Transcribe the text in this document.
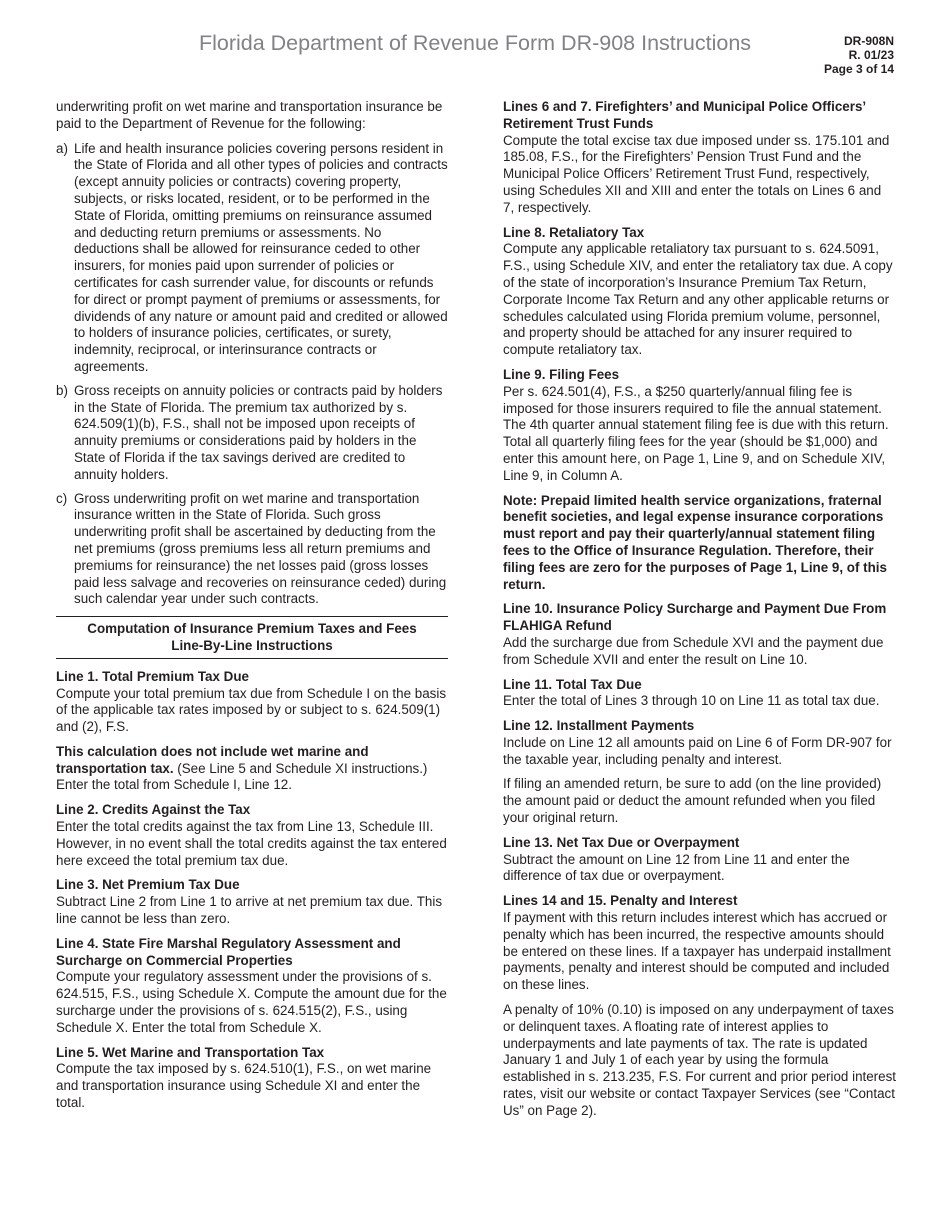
Florida Department of Revenue Form DR-908 Instructions	DR-908N
R. 01/23
Page 3 of 14

underwriting profit on wet marine and transportation insurance be paid to the Department of Revenue for the following:

a) Life and health insurance policies covering persons resident in the State of Florida and all other types of policies and contracts (except annuity policies or contracts) covering property, subjects, or risks located, resident, or to be performed in the State of Florida, omitting premiums on reinsurance assumed and deducting return premiums or assessments. No deductions shall be allowed for reinsurance ceded to other insurers, for monies paid upon surrender of policies or certificates for cash surrender value, for discounts or refunds for direct or prompt payment of premiums or assessments, for dividends of any nature or amount paid and credited or allowed to holders of insurance policies, certificates, or surety, indemnity, reciprocal, or interinsurance contracts or agreements.
b) Gross receipts on annuity policies or contracts paid by holders in the State of Florida. The premium tax authorized by s. 624.509(1)(b), F.S., shall not be imposed upon receipts of annuity premiums or considerations paid by holders in the State of Florida if the tax savings derived are credited to annuity holders.
c) Gross underwriting profit on wet marine and transportation insurance written in the State of Florida. Such gross underwriting profit shall be ascertained by deducting from the net premiums (gross premiums less all return premiums and premiums for reinsurance) the net losses paid (gross losses paid less salvage and recoveries on reinsurance ceded) during such calendar year under such contracts.
Computation of Insurance Premium Taxes and Fees
Line-By-Line Instructions

Line 1. Total Premium Tax Due
Compute your total premium tax due from Schedule I on the basis of the applicable tax rates imposed by or subject to s. 624.509(1) and (2), F.S.

This calculation does not include wet marine and transportation tax. (See Line 5 and Schedule XI instructions.) Enter the total from Schedule I, Line 12.

Line 2. Credits Against the Tax
Enter the total credits against the tax from Line 13, Schedule III. However, in no event shall the total credits against the tax entered here exceed the total premium tax due.

Line 3. Net Premium Tax Due
Subtract Line 2 from Line 1 to arrive at net premium tax due. This line cannot be less than zero.

Line 4. State Fire Marshal Regulatory Assessment and Surcharge on Commercial Properties
Compute your regulatory assessment under the provisions of s. 624.515, F.S., using Schedule X. Compute the amount due for the surcharge under the provisions of s. 624.515(2), F.S., using Schedule X. Enter the total from Schedule X.

Line 5. Wet Marine and Transportation Tax
Compute the tax imposed by s. 624.510(1), F.S., on wet marine and transportation insurance using Schedule XI and enter the total.

Lines 6 and 7. Firefighters’ and Municipal Police Officers’ Retirement Trust Funds
Compute the total excise tax due imposed under ss. 175.101 and 185.08, F.S., for the Firefighters’ Pension Trust Fund and the Municipal Police Officers’ Retirement Trust Fund, respectively, using Schedules XII and XIII and enter the totals on Lines 6 and 7, respectively.

Line 8. Retaliatory Tax
Compute any applicable retaliatory tax pursuant to s. 624.5091, F.S., using Schedule XIV, and enter the retaliatory tax due. A copy of the state of incorporation’s Insurance Premium Tax Return, Corporate Income Tax Return and any other applicable returns or schedules calculated using Florida premium volume, personnel, and property should be attached for any insurer required to compute retaliatory tax.

Line 9. Filing Fees
Per s. 624.501(4), F.S., a $250 quarterly/annual filing fee is imposed for those insurers required to file the annual statement. The 4th quarter annual statement filing fee is due with this return. Total all quarterly filing fees for the year (should be $1,000) and enter this amount here, on Page 1, Line 9, and on Schedule XIV, Line 9, in Column A.

Note: Prepaid limited health service organizations, fraternal benefit societies, and legal expense insurance corporations must report and pay their quarterly/annual statement filing fees to the Office of Insurance Regulation. Therefore, their filing fees are zero for the purposes of Page 1, Line 9, of this return.

Line 10. Insurance Policy Surcharge and Payment Due From FLAHIGA Refund
Add the surcharge due from Schedule XVI and the payment due from Schedule XVII and enter the result on Line 10.

Line 11. Total Tax Due
Enter the total of Lines 3 through 10 on Line 11 as total tax due.

Line 12. Installment Payments
Include on Line 12 all amounts paid on Line 6 of Form DR-907 for the taxable year, including penalty and interest.

If filing an amended return, be sure to add (on the line provided) the amount paid or deduct the amount refunded when you filed your original return.

Line 13. Net Tax Due or Overpayment
Subtract the amount on Line 12 from Line 11 and enter the difference of tax due or overpayment.

Lines 14 and 15. Penalty and Interest
If payment with this return includes interest which has accrued or penalty which has been incurred, the respective amounts should be entered on these lines. If a taxpayer has underpaid installment payments, penalty and interest should be computed and included on these lines.

A penalty of 10% (0.10) is imposed on any underpayment of taxes or delinquent taxes. A floating rate of interest applies to underpayments and late payments of tax. The rate is updated January 1 and July 1 of each year by using the formula established in s. 213.235, F.S. For current and prior period interest rates, visit our website or contact Taxpayer Services (see “Contact Us” on Page 2).
